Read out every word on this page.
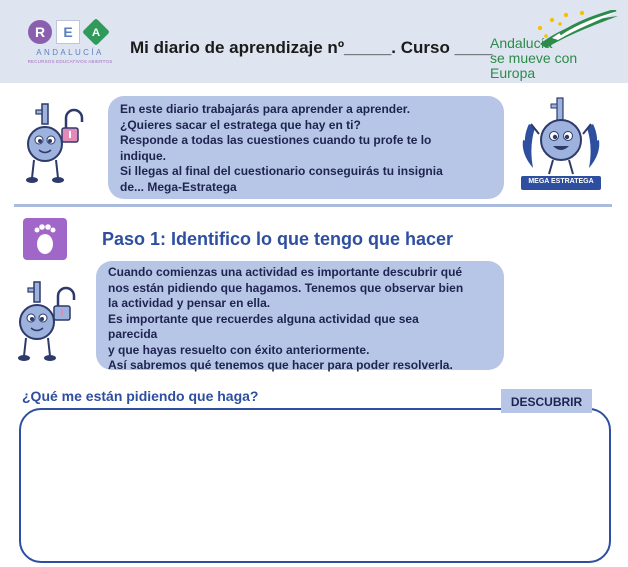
R	E	A
ANDALUCÍA
RECURSOS EDUCATIVOS ABIERTOS
Mi diario de aprendizaje nº_____. Curso ____
Andalucía
se mueve con Europa

En este diario trabajarás para aprender a aprender.

¿Quieres sacar el estratega que hay en ti?

Responde a todas las cuestiones cuando tu profe te lo

indique.

Si llegas al final del cuestionario conseguirás tu insignia

de... Mega-Estratega	MEGA ESTRATEGA
Paso 1: Identifico lo que tengo que hacer

Cuando comienzas una actividad es importante descubrir qué

nos están pidiendo que hagamos. Tenemos que observar bien

la actividad y pensar en ella.

Es importante que recuerdes alguna actividad que sea

parecida

y que hayas resuelto con éxito anteriormente.

Así sabremos qué tenemos que hacer para poder resolverla.

¿Qué me están pidiendo que haga?	DESCUBRIR
